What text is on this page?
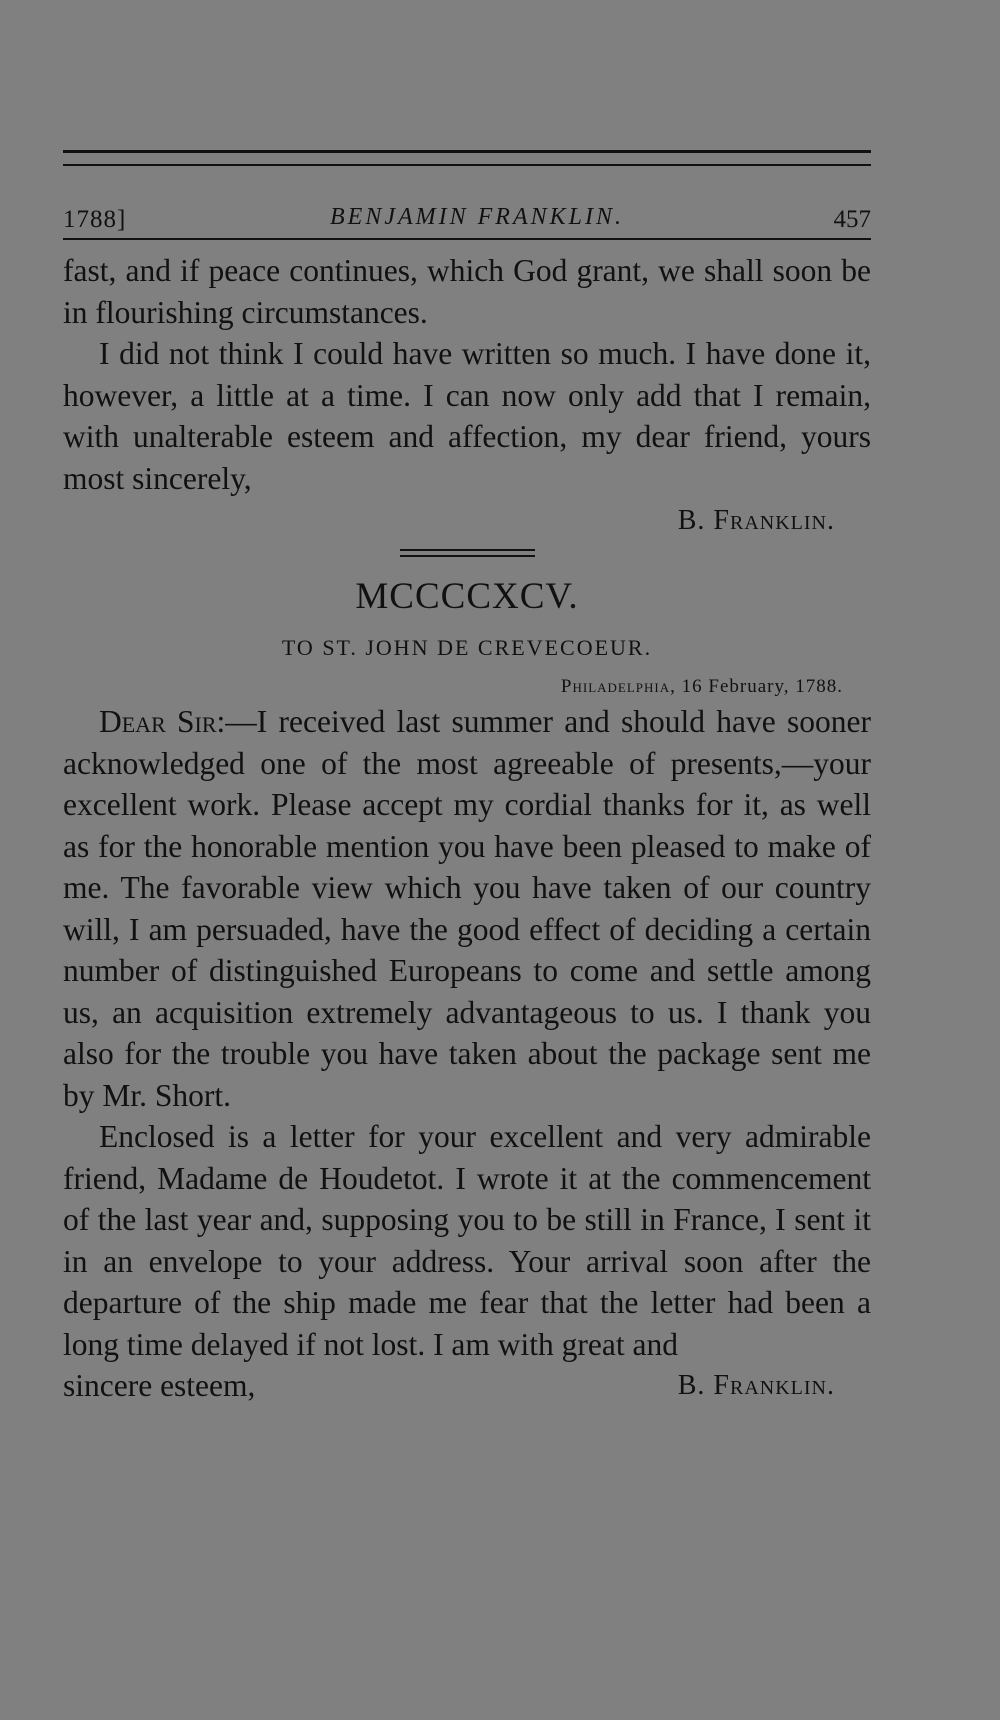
1788]	BENJAMIN FRANKLIN.	457

fast, and if peace continues, which God grant, we shall soon be in flourishing circumstances.

I did not think I could have written so much. I have done it, however, a little at a time. I can now only add that I remain, with unalterable esteem and affection, my dear friend, yours most sincerely,

B. Franklin.
MCCCCXCV.
TO ST. JOHN DE CREVECOEUR.
Philadelphia, 16 February, 1788.

Dear Sir:—I received last summer and should have sooner acknowledged one of the most agreeable of presents,—your excellent work. Please accept my cordial thanks for it, as well as for the honorable mention you have been pleased to make of me. The favorable view which you have taken of our country will, I am persuaded, have the good effect of deciding a certain number of distinguished Europeans to come and settle among us, an acquisition extremely advantageous to us. I thank you also for the trouble you have taken about the package sent me by Mr. Short.

Enclosed is a letter for your excellent and very admirable friend, Madame de Houdetot. I wrote it at the commencement of the last year and, supposing you to be still in France, I sent it in an envelope to your address. Your arrival soon after the departure of the ship made me fear that the letter had been a long time delayed if not lost. I am with great and

sincere esteem,	B. Franklin.
